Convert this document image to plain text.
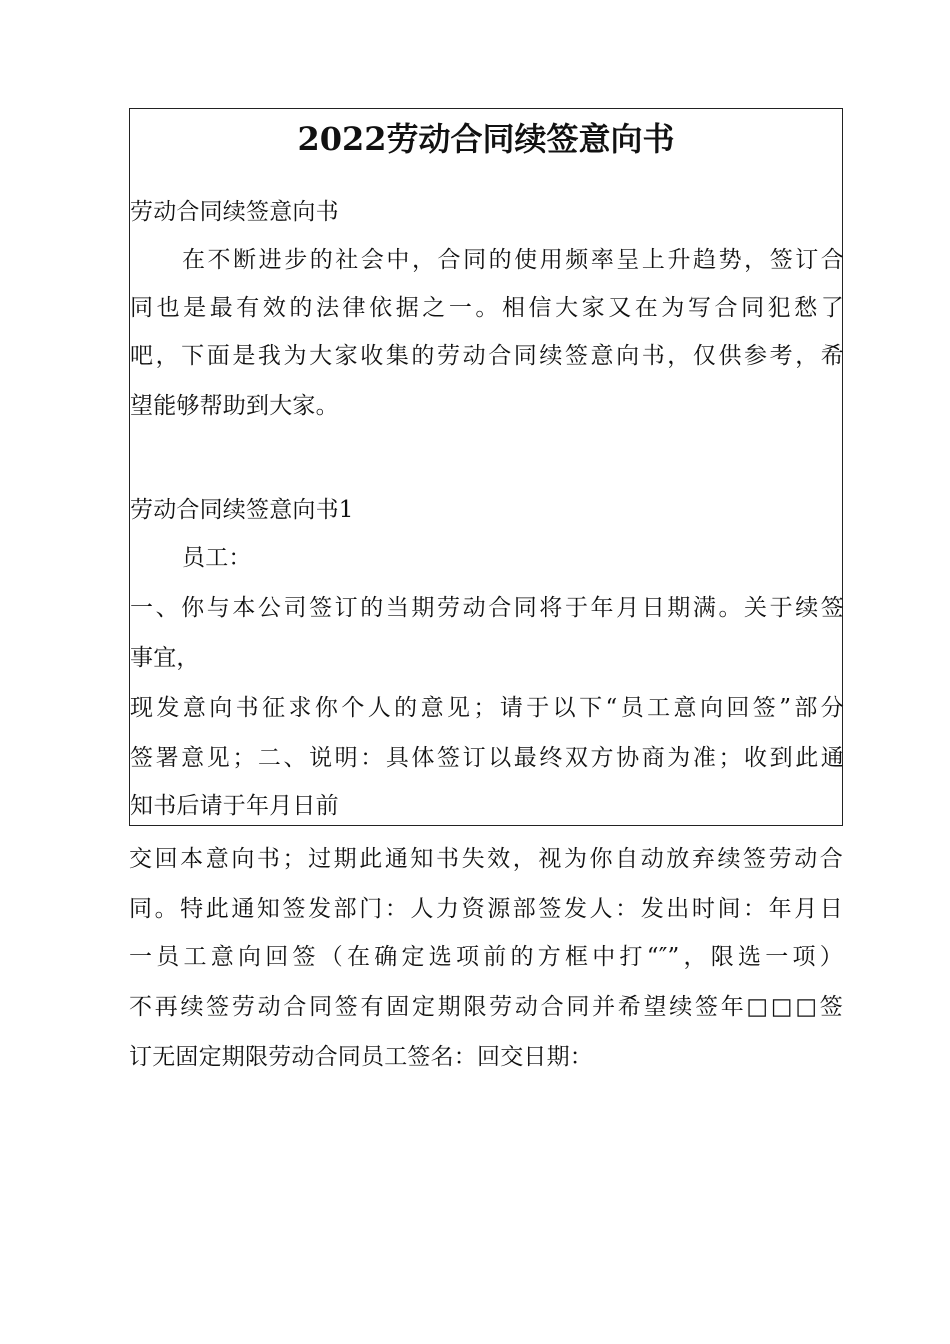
2022劳动合同续签意向书
劳动合同续签意向书
在不断进步的社会中，合同的使用频率呈上升趋势，签订合
同也是最有效的法律依据之一。相信大家又在为写合同犯愁了
吧，下面是我为大家收集的劳动合同续签意向书，仅供参考，希
望能够帮助到大家。
劳动合同续签意向书1
员工：
一、你与本公司签订的当期劳动合同将于年月日期满。关于续签
事宜，
现发意向书征求你个人的意见；请于以下“员工意向回签”部分
签署意见；二、说明：具体签订以最终双方协商为准；收到此通
知书后请于年月日前
交回本意向书；过期此通知书失效，视为你自动放弃续签劳动合
同。特此通知签发部门：人力资源部签发人：发出时间：年月日
一员工意向回签（在确定选项前的方框中打“″”，限选一项）
不再续签劳动合同签有固定期限劳动合同并希望续签年□□□签
订无固定期限劳动合同员工签名：回交日期：
